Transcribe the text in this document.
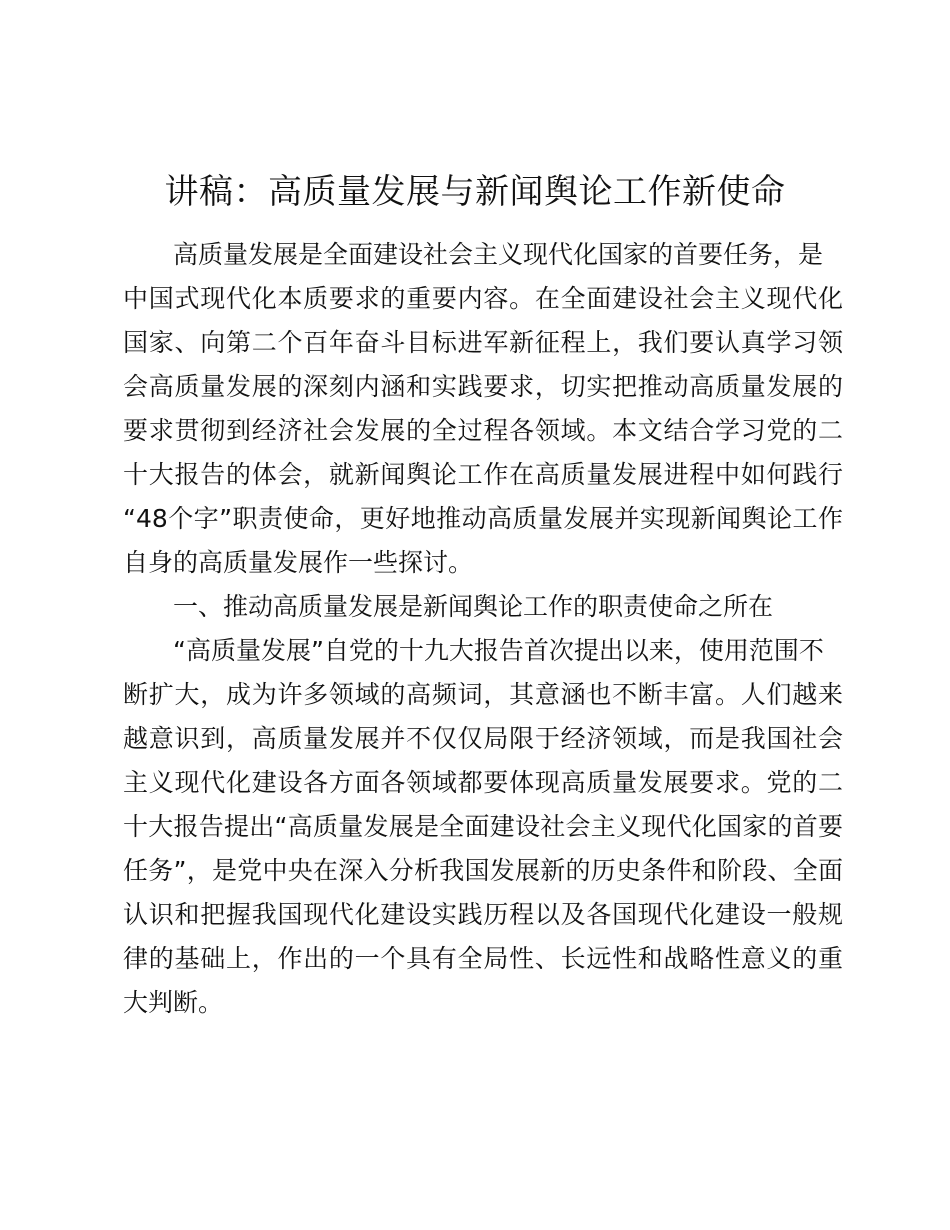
讲稿：高质量发展与新闻舆论工作新使命

高质量发展是全面建设社会主义现代化国家的首要任务，是

中国式现代化本质要求的重要内容。在全面建设社会主义现代化

国家、向第二个百年奋斗目标进军新征程上，我们要认真学习领

会高质量发展的深刻内涵和实践要求，切实把推动高质量发展的

要求贯彻到经济社会发展的全过程各领域。本文结合学习党的二

十大报告的体会，就新闻舆论工作在高质量发展进程中如何践行

“48个字”职责使命，更好地推动高质量发展并实现新闻舆论工作

自身的高质量发展作一些探讨。

一、推动高质量发展是新闻舆论工作的职责使命之所在

“高质量发展”自党的十九大报告首次提出以来，使用范围不

断扩大，成为许多领域的高频词，其意涵也不断丰富。人们越来

越意识到，高质量发展并不仅仅局限于经济领域，而是我国社会

主义现代化建设各方面各领域都要体现高质量发展要求。党的二

十大报告提出“高质量发展是全面建设社会主义现代化国家的首要

任务”，是党中央在深入分析我国发展新的历史条件和阶段、全面

认识和把握我国现代化建设实践历程以及各国现代化建设一般规

律的基础上，作出的一个具有全局性、长远性和战略性意义的重

大判断。
